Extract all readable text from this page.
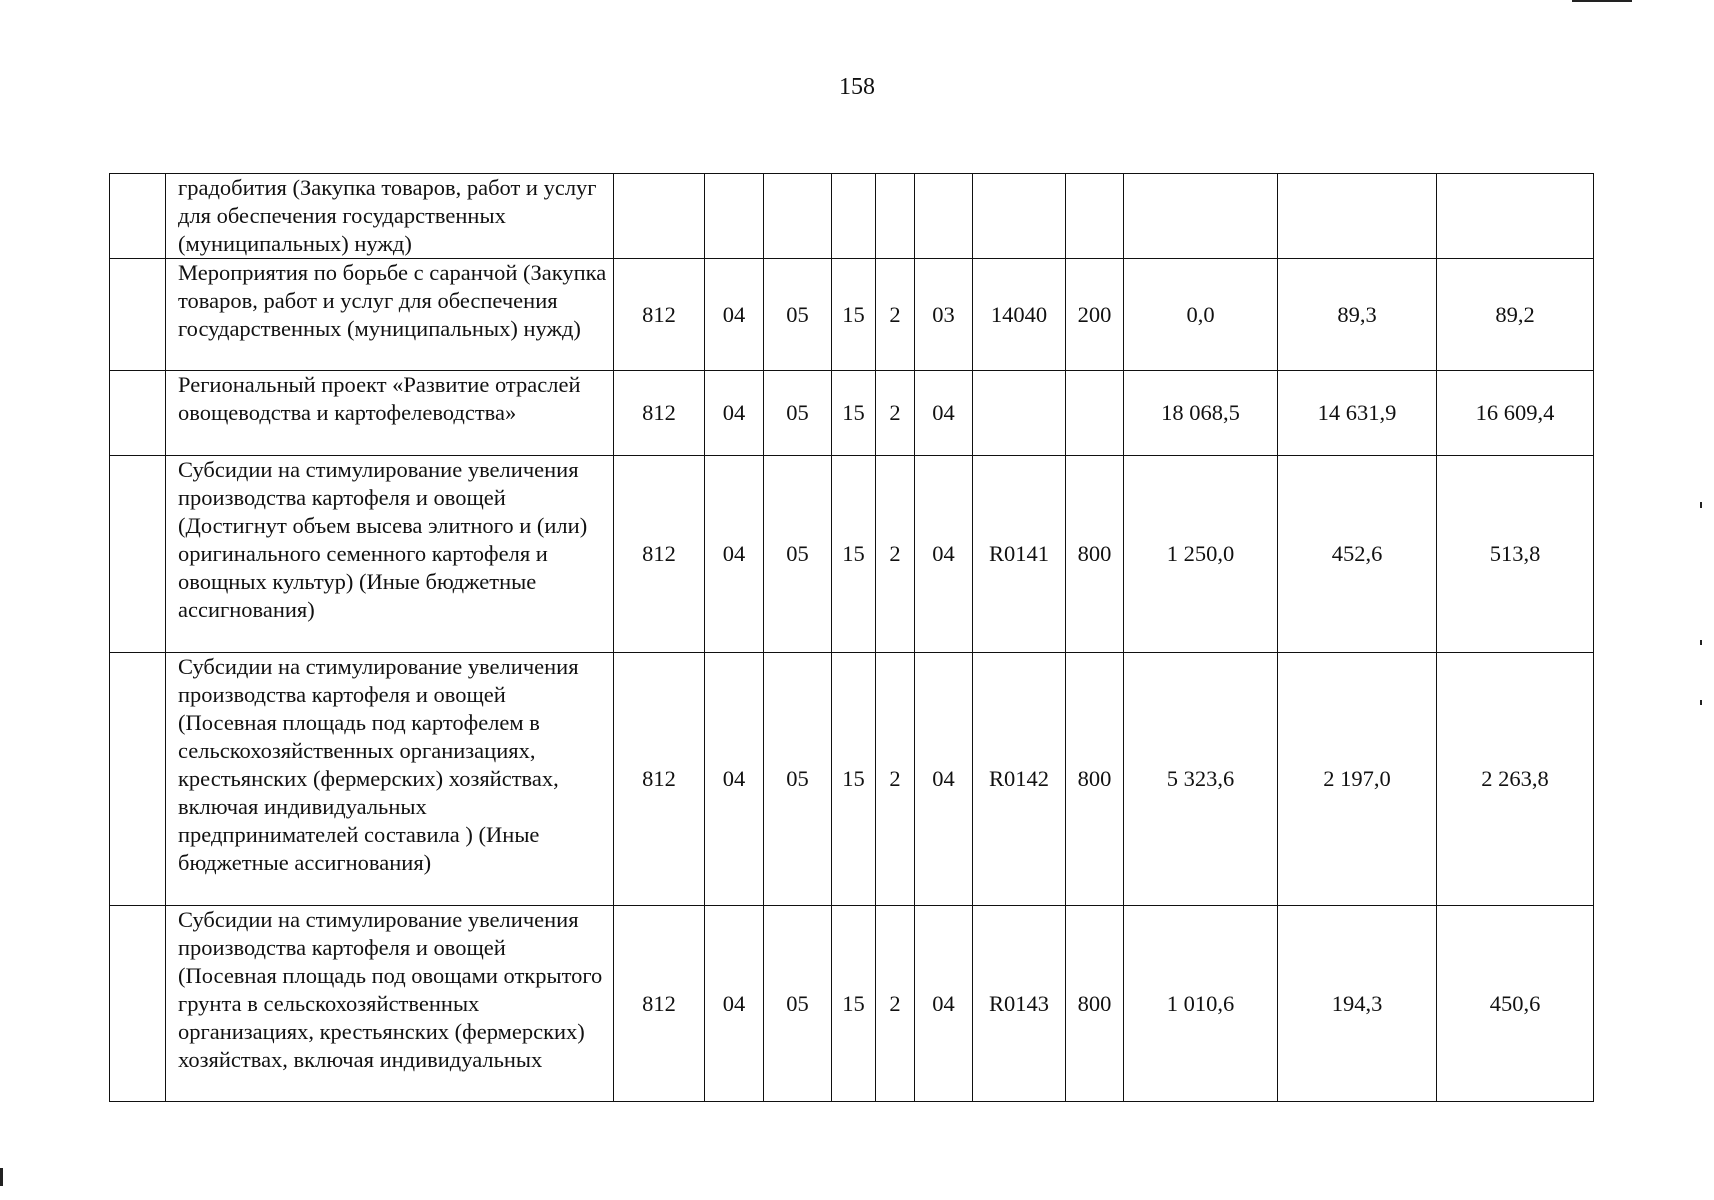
158
	градобития (Закупка товаров, работ и услуг для обеспечения государственных (муниципальных) нужд)											
	Мероприятия по борьбе с саранчой (Закупка товаров, работ и услуг для обеспечения государственных (муниципальных) нужд)	812	04	05	15	2	03	14040	200	0,0	89,3	89,2
	Региональный проект «Развитие отраслей овощеводства и картофелеводства»	812	04	05	15	2	04			18 068,5	14 631,9	16 609,4
	Субсидии на стимулирование увеличения производства картофеля и овощей (Достигнут объем высева элитного и (или) оригинального семенного картофеля и овощных культур) (Иные бюджетные ассигнования)	812	04	05	15	2	04	R0141	800	1 250,0	452,6	513,8
	Субсидии на стимулирование увеличения производства картофеля и овощей (Посевная площадь под картофелем в сельскохозяйственных организациях, крестьянских (фермерских) хозяйствах, включая индивидуальных предпринимателей составила ) (Иные бюджетные ассигнования)	812	04	05	15	2	04	R0142	800	5 323,6	2 197,0	2 263,8
	Субсидии на стимулирование увеличения производства картофеля и овощей (Посевная площадь под овощами открытого грунта в сельскохозяйственных организациях, крестьянских (фермерских) хозяйствах, включая индивидуальных	812	04	05	15	2	04	R0143	800	1 010,6	194,3	450,6
